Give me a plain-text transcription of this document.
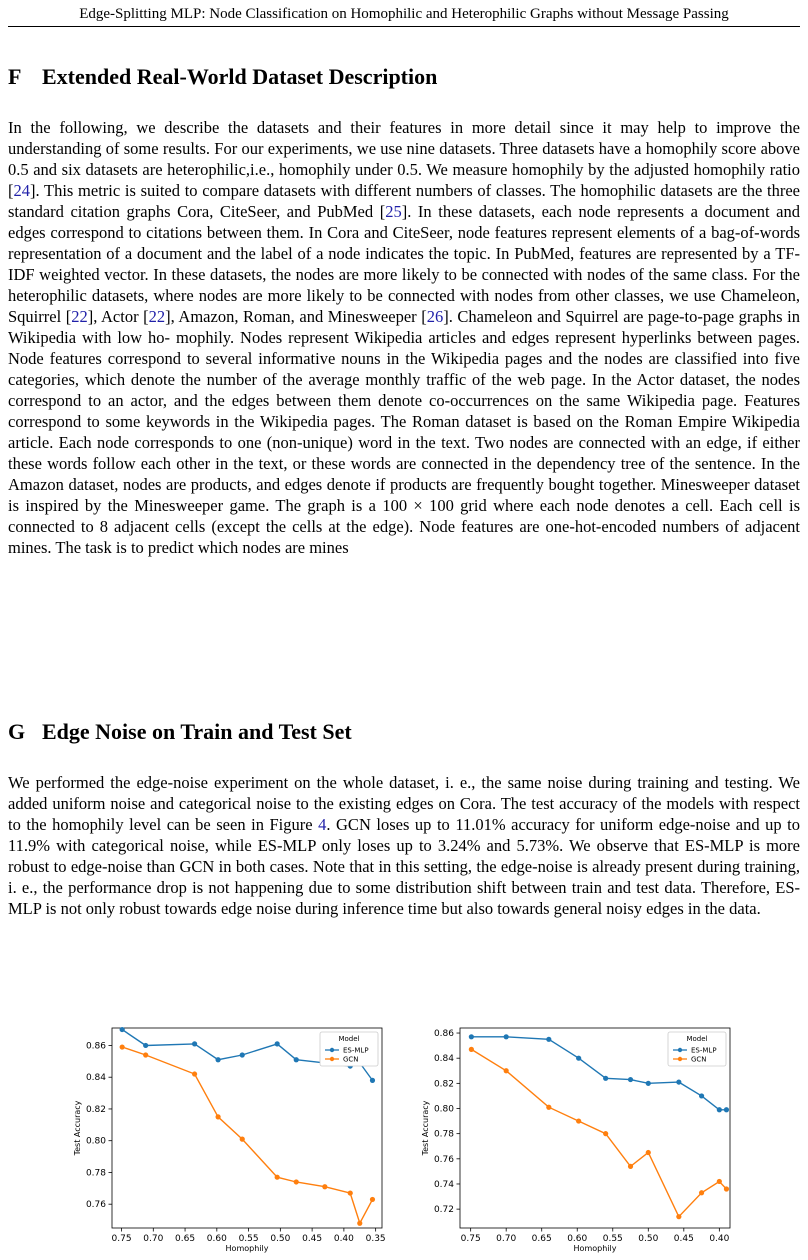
Edge-Splitting MLP: Node Classification on Homophilic and Heterophilic Graphs without Message Passing
F Extended Real-World Dataset Description
In the following, we describe the datasets and their features in more detail since it may help to improve the understanding of some results. For our experiments, we use nine datasets. Three datasets have a homophily score above 0.5 and six datasets are heterophilic,i.e., homophily under 0.5. We measure homophily by the adjusted homophily ratio [24]. This metric is suited to compare datasets with different numbers of classes. The homophilic datasets are the three standard citation graphs Cora, CiteSeer, and PubMed [25]. In these datasets, each node represents a document and edges correspond to citations between them. In Cora and CiteSeer, node features represent elements of a bag-of-words representation of a document and the label of a node indicates the topic. In PubMed, features are represented by a TF-IDF weighted vector. In these datasets, the nodes are more likely to be connected with nodes of the same class. For the heterophilic datasets, where nodes are more likely to be connected with nodes from other classes, we use Chameleon, Squirrel [22], Actor [22], Amazon, Roman, and Minesweeper [26]. Chameleon and Squirrel are page-to-page graphs in Wikipedia with low ho- mophily. Nodes represent Wikipedia articles and edges represent hyperlinks between pages. Node features correspond to several informative nouns in the Wikipedia pages and the nodes are classified into five categories, which denote the number of the average monthly traffic of the web page. In the Actor dataset, the nodes correspond to an actor, and the edges between them denote co-occurrences on the same Wikipedia page. Features correspond to some keywords in the Wikipedia pages. The Roman dataset is based on the Roman Empire Wikipedia article. Each node corresponds to one (non-unique) word in the text. Two nodes are connected with an edge, if either these words follow each other in the text, or these words are connected in the dependency tree of the sentence. In the Amazon dataset, nodes are products, and edges denote if products are frequently bought together. Minesweeper dataset is inspired by the Minesweeper game. The graph is a 100 × 100 grid where each node denotes a cell. Each cell is connected to 8 adjacent cells (except the cells at the edge). Node features are one-hot-encoded numbers of adjacent mines. The task is to predict which nodes are mines
G Edge Noise on Train and Test Set
We performed the edge-noise experiment on the whole dataset, i. e., the same noise during training and testing. We added uniform noise and categorical noise to the existing edges on Cora. The test accuracy of the models with respect to the homophily level can be seen in Figure 4. GCN loses up to 11.01% accuracy for uniform edge-noise and up to 11.9% with categorical noise, while ES-MLP only loses up to 3.24% and 5.73%. We observe that ES-MLP is more robust to edge-noise than GCN in both cases. Note that in this setting, the edge-noise is already present during training, i. e., the performance drop is not happening due to some distribution shift between train and test data. Therefore, ES-MLP is not only robust towards edge noise during inference time but also towards general noisy edges in the data.
0.75 0.70 0.65 0.60 0.55 0.50 0.45 0.40 0.35
0.76
0.78
0.80
0.82
0.84
0.86
Homophily
Test Accuracy
Model
ES-MLP
GCN
0.75 0.70 0.65 0.60 0.55 0.50 0.45 0.40
0.72
0.74
0.76
0.78
0.80
0.82
0.84
0.86
Homophily
Test Accuracy
Model
ES-MLP
GCN
